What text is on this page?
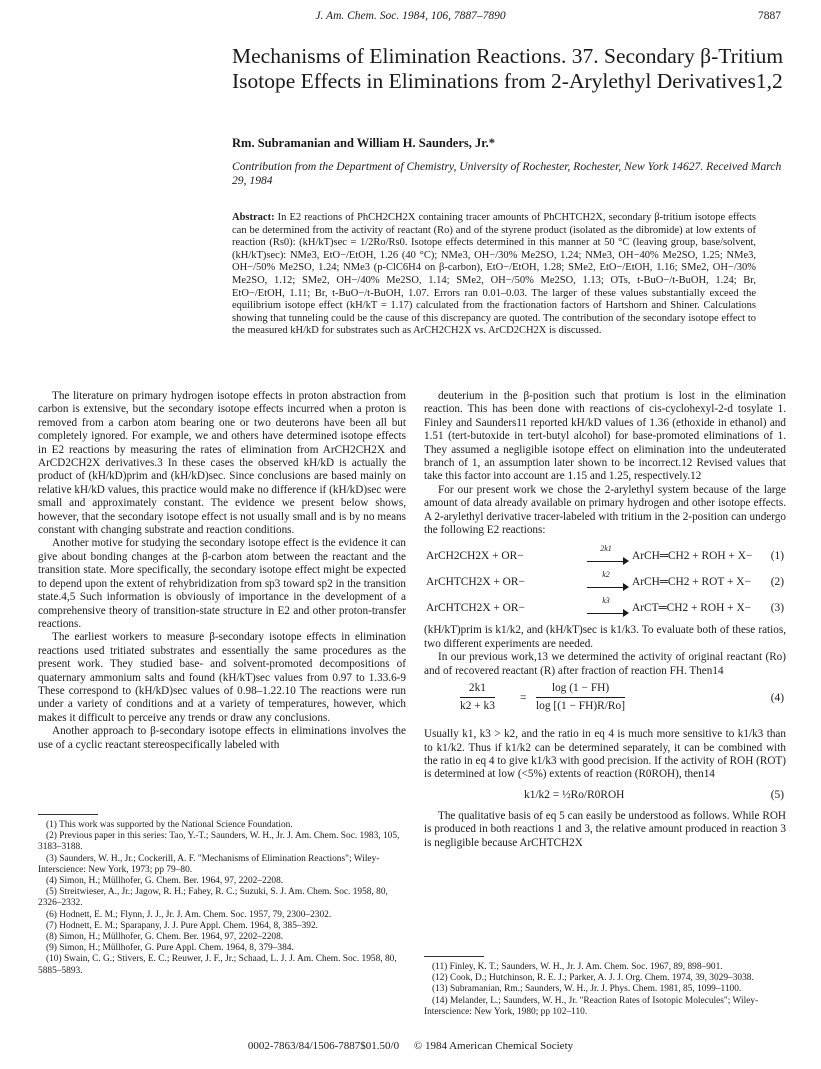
J. Am. Chem. Soc. 1984, 106, 7887–7890	7887
Mechanisms of Elimination Reactions. 37. Secondary β-Tritium Isotope Effects in Eliminations from 2-Arylethyl Derivatives1,2
Rm. Subramanian and William H. Saunders, Jr.*
Contribution from the Department of Chemistry, University of Rochester, Rochester, New York 14627. Received March 29, 1984
Abstract: In E2 reactions of PhCH2CH2X containing tracer amounts of PhCHTCH2X, secondary β-tritium isotope effects can be determined from the activity of reactant (Ro) and of the styrene product (isolated as the dibromide) at low extents of reaction (Rs0): (kH/kT)sec = 1/2Ro/Rs0. Isotope effects determined in this manner at 50 °C (leaving group, base/solvent, (kH/kT)sec): NMe3, EtO−/EtOH, 1.26 (40 °C); NMe3, OH−/30% Me2SO, 1.24; NMe3, OH−40% Me2SO, 1.25; NMe3, OH−/50% Me2SO, 1.24; NMe3 (p-ClC6H4 on β-carbon), EtO−/EtOH, 1.28; SMe2, EtO−/EtOH, 1.16; SMe2, OH−/30% Me2SO, 1.12; SMe2, OH−/40% Me2SO, 1.14; SMe2, OH−/50% Me2SO, 1.13; OTs, t-BuO−/t-BuOH, 1.24; Br, EtO−/EtOH, 1.11; Br, t-BuO−/t-BuOH, 1.07. Errors ran 0.01–0.03. The larger of these values substantially exceed the equilibrium isotope effect (kH/kT = 1.17) calculated from the fractionation factors of Hartshorn and Shiner. Calculations showing that tunneling could be the cause of this discrepancy are quoted. The contribution of the secondary isotope effect to the measured kH/kD for substrates such as ArCH2CH2X vs. ArCD2CH2X is discussed.

The literature on primary hydrogen isotope effects in proton abstraction from carbon is extensive, but the secondary isotope effects incurred when a proton is removed from a carbon atom bearing one or two deuterons have been all but completely ignored. For example, we and others have determined isotope effects in E2 reactions by measuring the rates of elimination from ArCH2CH2X and ArCD2CH2X derivatives.3 In these cases the observed kH/kD is actually the product of (kH/kD)prim and (kH/kD)sec. Since conclusions are based mainly on relative kH/kD values, this practice would make no difference if (kH/kD)sec were small and approximately constant. The evidence we present below shows, however, that the secondary isotope effect is not usually small and is by no means constant with changing substrate and reaction conditions.

Another motive for studying the secondary isotope effect is the evidence it can give about bonding changes at the β-carbon atom between the reactant and the transition state. More specifically, the secondary isotope effect might be expected to depend upon the extent of rehybridization from sp3 toward sp2 in the transition state.4,5 Such information is obviously of importance in the development of a comprehensive theory of transition-state structure in E2 and other proton-transfer reactions.

The earliest workers to measure β-secondary isotope effects in elimination reactions used tritiated substrates and essentially the same procedures as the present work. They studied base- and solvent-promoted decompositions of quaternary ammonium salts and found (kH/kT)sec values from 0.97 to 1.33.6-9 These correspond to (kH/kD)sec values of 0.98–1.22.10 The reactions were run under a variety of conditions and at a variety of temperatures, however, which makes it difficult to perceive any trends or draw any conclusions.

Another approach to β-secondary isotope effects in eliminations involves the use of a cyclic reactant stereospecifically labeled with

deuterium in the β-position such that protium is lost in the elimination reaction. This has been done with reactions of cis-cyclohexyl-2-d tosylate 1. Finley and Saunders11 reported kH/kD values of 1.36 (ethoxide in ethanol) and 1.51 (tert-butoxide in tert-butyl alcohol) for base-promoted eliminations of 1. They assumed a negligible isotope effect on elimination into the undeuterated branch of 1, an assumption later shown to be incorrect.12 Revised values that take this factor into account are 1.15 and 1.25, respectively.12

For our present work we chose the 2-arylethyl system because of the large amount of data already available on primary hydrogen and other isotope effects. A 2-arylethyl derivative tracer-labeled with tritium in the 2-position can undergo the following E2 reactions:

ArCH2CH2X + OR−
2k1
ArCH═CH2 + ROH + X− (1)
ArCHTCH2X + OR−
k2
ArCH═CH2 + ROT + X− (2)
ArCHTCH2X + OR−
k3
ArCT═CH2 + ROH + X− (3)

(kH/kT)prim is k1/k2, and (kH/kT)sec is k1/k3. To evaluate both of these ratios, two different experiments are needed.

In our previous work,13 we determined the activity of original reactant (Ro) and of recovered reactant (R) after fraction of reaction FH. Then14

$\frac{2k1}{k2 + k3} = \frac{\log (1 - FH)}{\log [(1 - FH)R/Ro]}$	(4)

Usually k1, k3 > k2, and the ratio in eq 4 is much more sensitive to k1/k3 than to k1/k2. Thus if k1/k2 can be determined separately, it can be combined with the ratio in eq 4 to give k1/k3 with good precision. If the activity of ROH (ROT) is determined at low (<5%) extents of reaction (R0ROH), then14

k1/k2 = ½Ro/R0ROH	(5)

The qualitative basis of eq 5 can easily be understood as follows. While ROH is produced in both reactions 1 and 3, the relative amount produced in reaction 3 is negligible because ArCHTCH2X

(1) This work was supported by the National Science Foundation.
(2) Previous paper in this series: Tao, Y.-T.; Saunders, W. H., Jr. J. Am. Chem. Soc. 1983, 105, 3183–3188.
(3) Saunders, W. H., Jr.; Cockerill, A. F. "Mechanisms of Elimination Reactions"; Wiley-Interscience: New York, 1973; pp 79–80.
(4) Simon, H.; Müllhofer, G. Chem. Ber. 1964, 97, 2202–2208.
(5) Streitwieser, A., Jr.; Jagow, R. H.; Fahey, R. C.; Suzuki, S. J. Am. Chem. Soc. 1958, 80, 2326–2332.
(6) Hodnett, E. M.; Flynn, J. J., Jr. J. Am. Chem. Soc. 1957, 79, 2300–2302.
(7) Hodnett, E. M.; Sparapany, J. J. Pure Appl. Chem. 1964, 8, 385–392.
(8) Simon, H.; Müllhofer, G. Chem. Ber. 1964, 97, 2202–2208.
(9) Simon, H.; Müllhofer, G. Pure Appl. Chem. 1964, 8, 379–384.
(10) Swain, C. G.; Stivers, E. C.; Reuwer, J. F., Jr.; Schaad, L. J. J. Am. Chem. Soc. 1958, 80, 5885–5893.	(11) Finley, K. T.; Saunders, W. H., Jr. J. Am. Chem. Soc. 1967, 89, 898–901.
(12) Cook, D.; Hutchinson, R. E. J.; Parker, A. J. J. Org. Chem. 1974, 39, 3029–3038.
(13) Subramanian, Rm.; Saunders, W. H., Jr. J. Phys. Chem. 1981, 85, 1099–1100.
(14) Melander, L.; Saunders, W. H., Jr. "Reaction Rates of Isotopic Molecules"; Wiley-Interscience: New York, 1980; pp 102–110.
0002-7863/84/1506-7887$01.50/0 © 1984 American Chemical Society
